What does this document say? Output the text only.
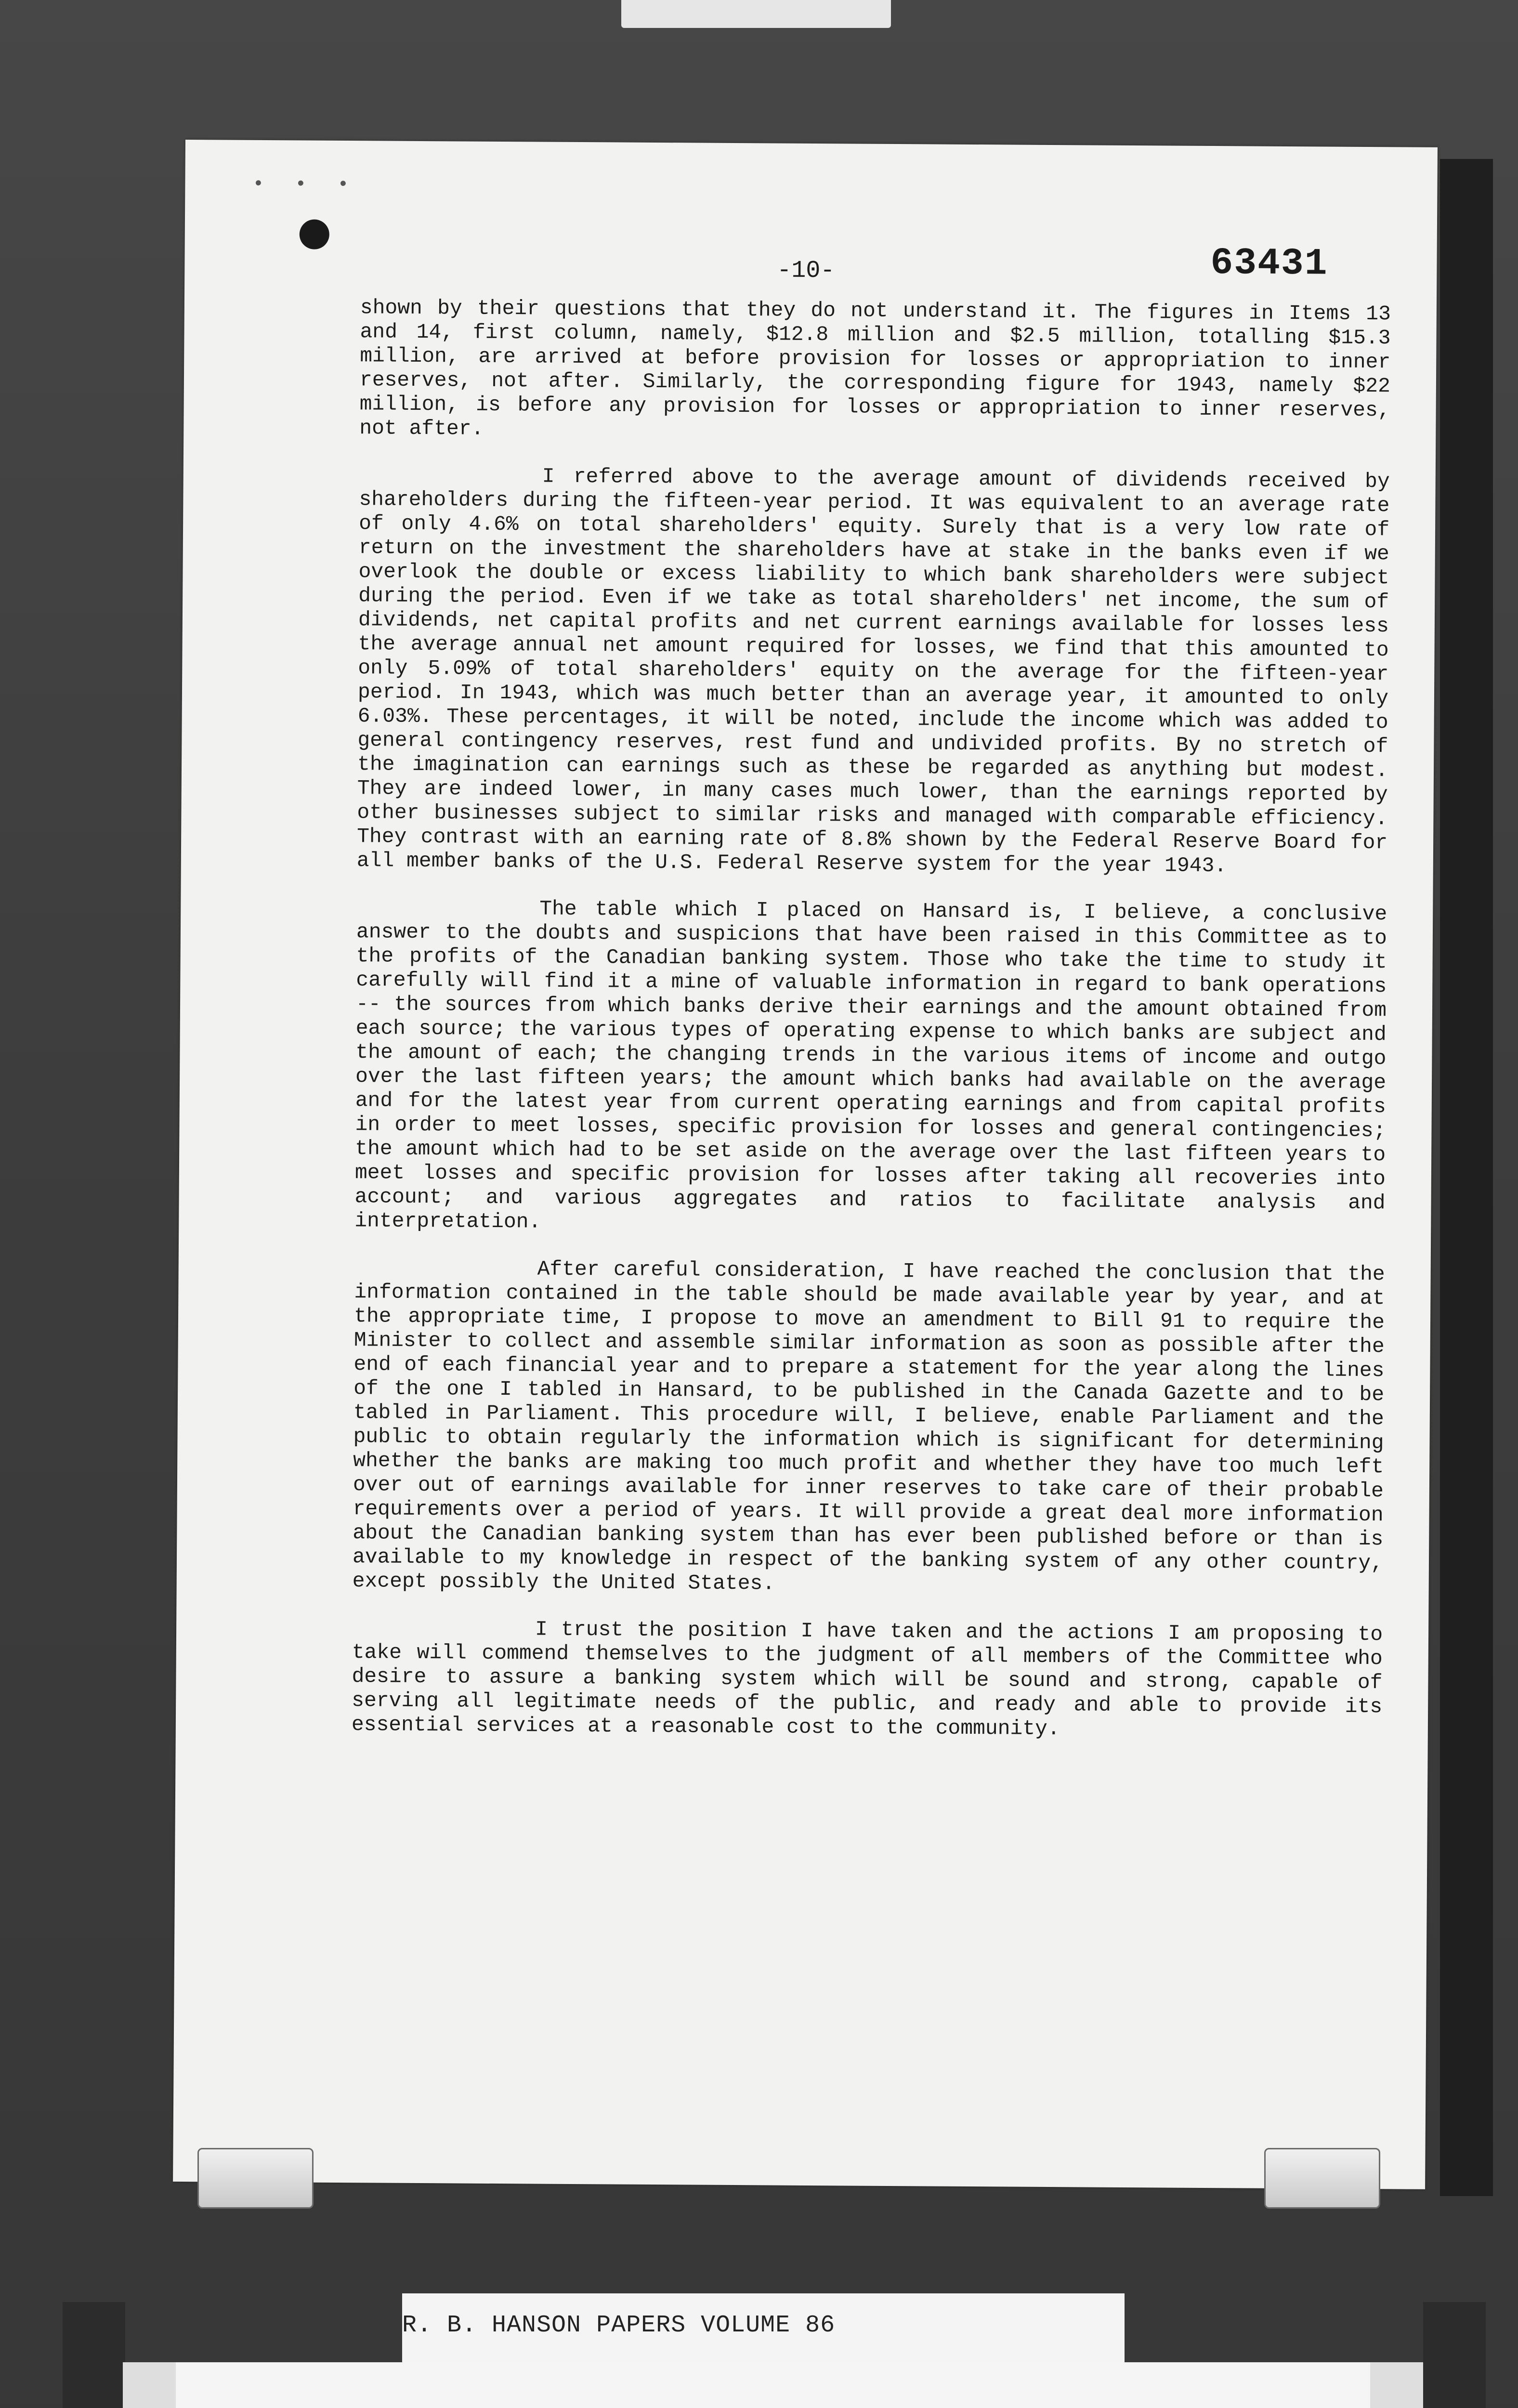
• • •
-10-	63431

shown by their questions that they do not understand it. The figures in Items 13 and 14, first column, namely, $12.8 million and $2.5 million, totalling $15.3 million, are arrived at before provision for losses or appropriation to inner reserves, not after. Similarly, the corresponding figure for 1943, namely $22 million, is before any provision for losses or appropriation to inner reserves, not after.

I referred above to the average amount of dividends received by shareholders during the fifteen-year period. It was equivalent to an average rate of only 4.6% on total shareholders' equity. Surely that is a very low rate of return on the investment the shareholders have at stake in the banks even if we overlook the double or excess liability to which bank shareholders were subject during the period. Even if we take as total shareholders' net income, the sum of dividends, net capital profits and net current earnings available for losses less the average annual net amount required for losses, we find that this amounted to only 5.09% of total shareholders' equity on the average for the fifteen-year period. In 1943, which was much better than an average year, it amounted to only 6.03%. These percentages, it will be noted, include the income which was added to general contingency reserves, rest fund and undivided profits. By no stretch of the imagination can earnings such as these be regarded as anything but modest. They are indeed lower, in many cases much lower, than the earnings reported by other businesses subject to similar risks and managed with comparable efficiency. They contrast with an earning rate of 8.8% shown by the Federal Reserve Board for all member banks of the U.S. Federal Reserve system for the year 1943.

The table which I placed on Hansard is, I believe, a conclusive answer to the doubts and suspicions that have been raised in this Committee as to the profits of the Canadian banking system. Those who take the time to study it carefully will find it a mine of valuable information in regard to bank operations -- the sources from which banks derive their earnings and the amount obtained from each source; the various types of operating expense to which banks are subject and the amount of each; the changing trends in the various items of income and outgo over the last fifteen years; the amount which banks had available on the average and for the latest year from current operating earnings and from capital profits in order to meet losses, specific provision for losses and general contingencies; the amount which had to be set aside on the average over the last fifteen years to meet losses and specific provision for losses after taking all recoveries into account; and various aggregates and ratios to facilitate analysis and interpretation.

After careful consideration, I have reached the conclusion that the information contained in the table should be made available year by year, and at the appropriate time, I propose to move an amendment to Bill 91 to require the Minister to collect and assemble similar information as soon as possible after the end of each financial year and to prepare a statement for the year along the lines of the one I tabled in Hansard, to be published in the Canada Gazette and to be tabled in Parliament. This procedure will, I believe, enable Parliament and the public to obtain regularly the information which is significant for determining whether the banks are making too much profit and whether they have too much left over out of earnings available for inner reserves to take care of their probable requirements over a period of years. It will provide a great deal more information about the Canadian banking system than has ever been published before or than is available to my knowledge in respect of the banking system of any other country, except possibly the United States.

I trust the position I have taken and the actions I am proposing to take will commend themselves to the judgment of all members of the Committee who desire to assure a banking system which will be sound and strong, capable of serving all legitimate needs of the public, and ready and able to provide its essential services at a reasonable cost to the community.

R. B. HANSON PAPERS VOLUME 86
